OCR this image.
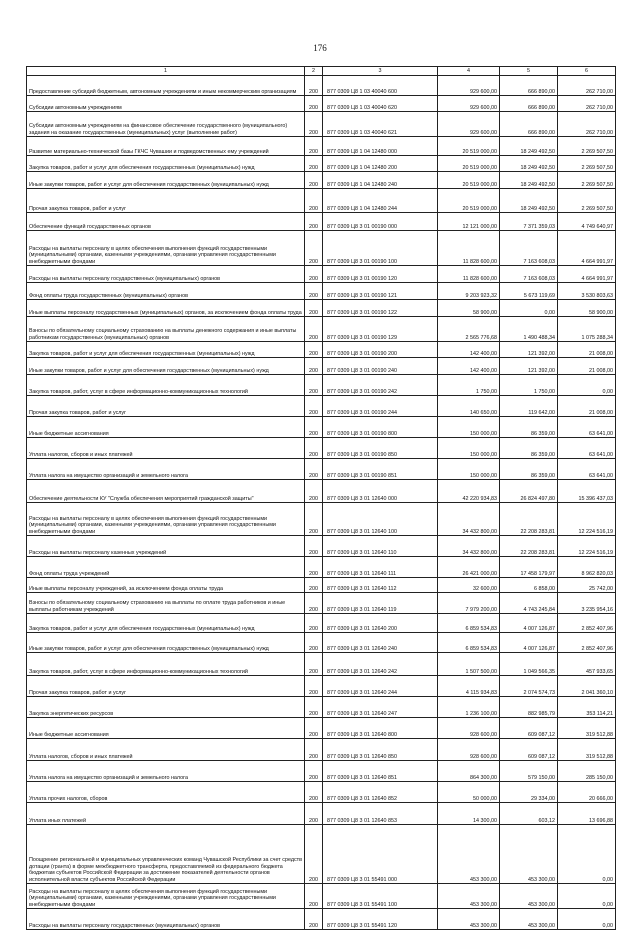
176
1	2	3	4	5	6
Предоставление субсидий бюджетным, автономным учреждениям и иным некоммерческим организациям	200	877 0309 Ц8 1 03 40040 600	929 600,00	666 890,00	262 710,00
Субсидии автономным учреждениям	200	877 0309 Ц8 1 03 40040 620	929 600,00	666 890,00	262 710,00
Субсидии автономным учреждениям на финансовое обеспечение государственного (муниципального) задания на оказание государственных (муниципальных) услуг (выполнение работ)	200	877 0309 Ц8 1 03 40040 621	929 600,00	666 890,00	262 710,00
Развитие материально-технической базы ГКЧС Чувашии и подведомственных ему учреждений	200	877 0309 Ц8 1 04 12480 000	20 519 000,00	18 249 492,50	2 269 507,50
Закупка товаров, работ и услуг для обеспечения государственных (муниципальных) нужд	200	877 0309 Ц8 1 04 12480 200	20 519 000,00	18 249 492,50	2 269 507,50
Иные закупки товаров, работ и услуг для обеспечения государственных (муниципальных) нужд	200	877 0309 Ц8 1 04 12480 240	20 519 000,00	18 249 492,50	2 269 507,50
Прочая закупка товаров, работ и услуг	200	877 0309 Ц8 1 04 12480 244	20 519 000,00	18 249 492,50	2 269 507,50
Обеспечение функций государственных органов	200	877 0309 Ц8 3 01 00190 000	12 121 000,00	7 371 359,03	4 749 640,97
Расходы на выплаты персоналу в целях обеспечения выполнения функций государственными (муниципальными) органами, казенными учреждениями, органами управления государственными внебюджетными фондами	200	877 0309 Ц8 3 01 00190 100	11 828 600,00	7 163 608,03	4 664 991,97
Расходы на выплаты персоналу государственных (муниципальных) органов	200	877 0309 Ц8 3 01 00190 120	11 828 600,00	7 163 608,03	4 664 991,97
Фонд оплаты труда государственных (муниципальных) органов	200	877 0309 Ц8 3 01 00190 121	9 203 923,32	5 673 119,69	3 530 803,63
Иные выплаты персоналу государственных (муниципальных) органов, за исключением фонда оплаты труда	200	877 0309 Ц8 3 01 00190 122	58 900,00	0,00	58 900,00
Взносы по обязательному социальному страхованию на выплаты денежного содержания и иные выплаты работникам государственных (муниципальных) органов	200	877 0309 Ц8 3 01 00190 129	2 565 776,68	1 490 488,34	1 075 288,34
Закупка товаров, работ и услуг для обеспечения государственных (муниципальных) нужд	200	877 0309 Ц8 3 01 00190 200	142 400,00	121 392,00	21 008,00
Иные закупки товаров, работ и услуг для обеспечения государственных (муниципальных) нужд	200	877 0309 Ц8 3 01 00190 240	142 400,00	121 392,00	21 008,00
Закупка товаров, работ, услуг в сфере информационно-коммуникационных технологий	200	877 0309 Ц8 3 01 00190 242	1 750,00	1 750,00	0,00
Прочая закупка товаров, работ и услуг	200	877 0309 Ц8 3 01 00190 244	140 650,00	119 642,00	21 008,00
Иные бюджетные ассигнования	200	877 0309 Ц8 3 01 00190 800	150 000,00	86 359,00	63 641,00
Уплата налогов, сборов и иных платежей	200	877 0309 Ц8 3 01 00190 850	150 000,00	86 359,00	63 641,00
Уплата налога на имущество организаций и земельного налога	200	877 0309 Ц8 3 01 00190 851	150 000,00	86 359,00	63 641,00
Обеспечение деятельности КУ "Служба обеспечения мероприятий гражданской защиты"	200	877 0309 Ц8 3 01 12640 000	42 220 934,83	26 824 497,80	15 396 437,03
Расходы на выплаты персоналу в целях обеспечения выполнения функций государственными (муниципальными) органами, казенными учреждениями, органами управления государственными внебюджетными фондами	200	877 0309 Ц8 3 01 12640 100	34 432 800,00	22 208 283,81	12 224 516,19
Расходы на выплаты персоналу казенных учреждений	200	877 0309 Ц8 3 01 12640 110	34 432 800,00	22 208 283,81	12 224 516,19
Фонд оплаты труда учреждений	200	877 0309 Ц8 3 01 12640 111	26 421 000,00	17 458 179,97	8 962 820,03
Иные выплаты персоналу учреждений, за исключением фонда оплаты труда	200	877 0309 Ц8 3 01 12640 112	32 600,00	6 858,00	25 742,00
Взносы по обязательному социальному страхованию на выплаты по оплате труда работников и иные выплаты работникам учреждений	200	877 0309 Ц8 3 01 12640 119	7 979 200,00	4 743 245,84	3 235 954,16
Закупка товаров, работ и услуг для обеспечения государственных (муниципальных) нужд	200	877 0309 Ц8 3 01 12640 200	6 859 534,83	4 007 126,87	2 852 407,96
Иные закупки товаров, работ и услуг для обеспечения государственных (муниципальных) нужд	200	877 0309 Ц8 3 01 12640 240	6 859 534,83	4 007 126,87	2 852 407,96
Закупка товаров, работ, услуг в сфере информационно-коммуникационных технологий	200	877 0309 Ц8 3 01 12640 242	1 507 500,00	1 049 566,35	457 933,65
Прочая закупка товаров, работ и услуг	200	877 0309 Ц8 3 01 12640 244	4 115 934,83	2 074 574,73	2 041 360,10
Закупка энергетических ресурсов	200	877 0309 Ц8 3 01 12640 247	1 236 100,00	882 985,79	353 114,21
Иные бюджетные ассигнования	200	877 0309 Ц8 3 01 12640 800	928 600,00	609 087,12	319 512,88
Уплата налогов, сборов и иных платежей	200	877 0309 Ц8 3 01 12640 850	928 600,00	609 087,12	319 512,88
Уплата налога на имущество организаций и земельного налога	200	877 0309 Ц8 3 01 12640 851	864 300,00	579 150,00	285 150,00
Уплата прочих налогов, сборов	200	877 0309 Ц8 3 01 12640 852	50 000,00	29 334,00	20 666,00
Уплата иных платежей	200	877 0309 Ц8 3 01 12640 853	14 300,00	603,12	13 696,88
Поощрение региональной и муниципальных управленческих команд Чувашской Республики за счет средств дотации (гранта) в форме межбюджетного трансферта, предоставляемой из федерального бюджета бюджетам субъектов Российской Федерации за достижение показателей деятельности органов исполнительной власти субъектов Российской Федерации	200	877 0309 Ц8 3 01 55491 000	453 300,00	453 300,00	0,00
Расходы на выплаты персоналу в целях обеспечения выполнения функций государственными (муниципальными) органами, казенными учреждениями, органами управления государственными внебюджетными фондами	200	877 0309 Ц8 3 01 55491 100	453 300,00	453 300,00	0,00
Расходы на выплаты персоналу государственных (муниципальных) органов	200	877 0309 Ц8 3 01 55491 120	453 300,00	453 300,00	0,00
